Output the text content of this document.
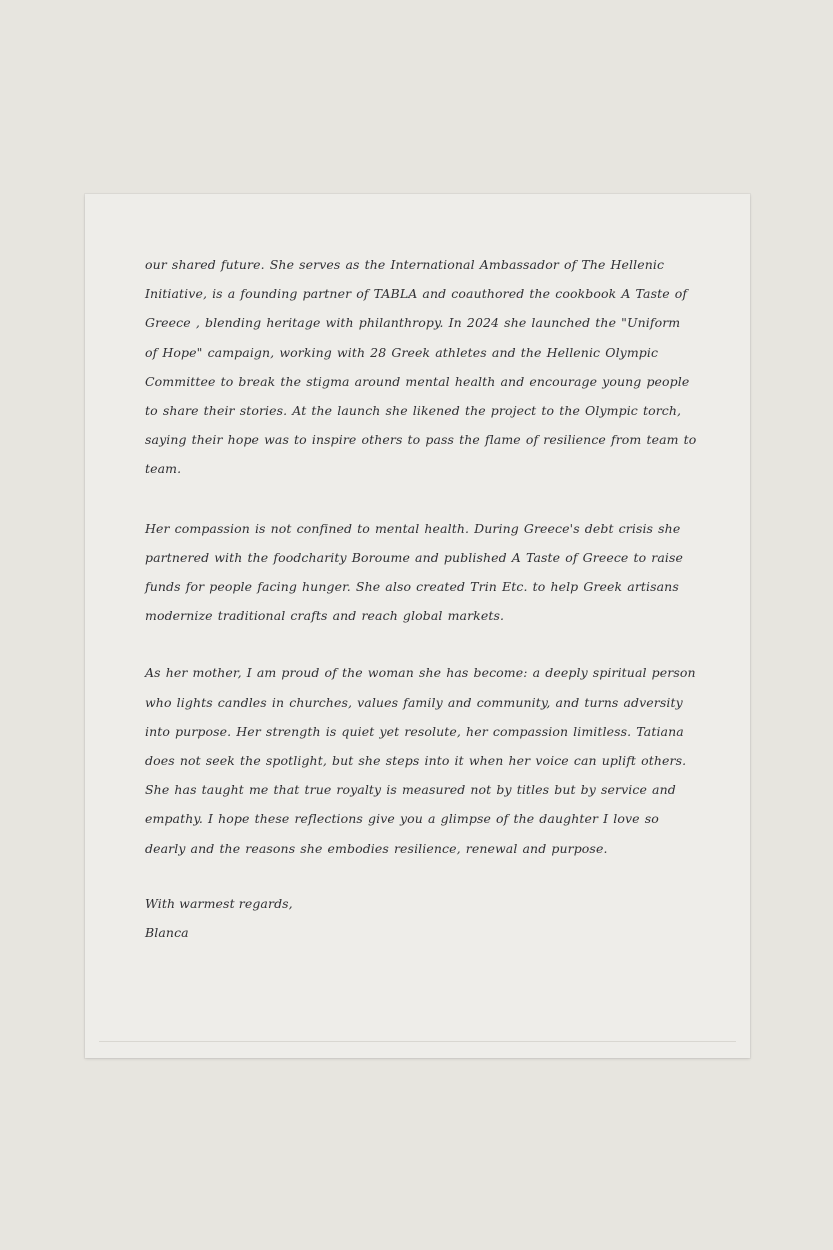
our shared future. She serves as the International Ambassador of The Hellenic Initiative, is a founding partner of TABLA and coauthored the cookbook A Taste of Greece , blending heritage with philanthropy. In 2024 she launched the "Uniform of Hope" campaign, working with 28 Greek athletes and the Hellenic Olympic Committee to break the stigma around mental health and encourage young people to share their stories. At the launch she likened the project to the Olympic torch, saying their hope was to inspire others to pass the flame of resilience from team to team.

Her compassion is not confined to mental health. During Greece's debt crisis she partnered with the foodcharity Boroume and published A Taste of Greece to raise funds for people facing hunger. She also created Trin Etc. to help Greek artisans modernize traditional crafts and reach global markets.

As her mother, I am proud of the woman she has become: a deeply spiritual person who lights candles in churches, values family and community, and turns adversity into purpose. Her strength is quiet yet resolute, her compassion limitless. Tatiana does not seek the spotlight, but she steps into it when her voice can uplift others. She has taught me that true royalty is measured not by titles but by service and empathy. I hope these reflections give you a glimpse of the daughter I love so dearly and the reasons she embodies resilience, renewal and purpose.

With warmest regards,
Blanca
